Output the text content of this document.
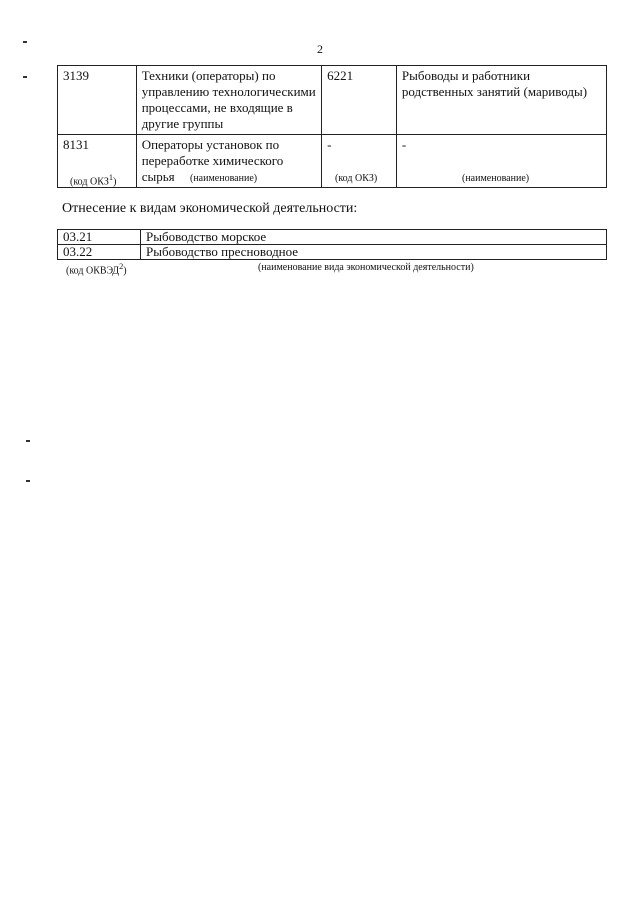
2
3139	Техники (операторы) по управлению технологическими процессами, не входящие в другие группы	6221	Рыбоводы и работники родственных занятий (мариводы)
8131	Операторы установок по переработке химического сырья	-	-
(код ОКЗ$^1$)	(наименование)	(код ОКЗ)	(наименование)
Отнесение к видам экономической деятельности:
03.21	Рыбоводство морское
03.22	Рыбоводство пресноводное
(код ОКВЭД$^2$)	(наименование вида экономической деятельности)
